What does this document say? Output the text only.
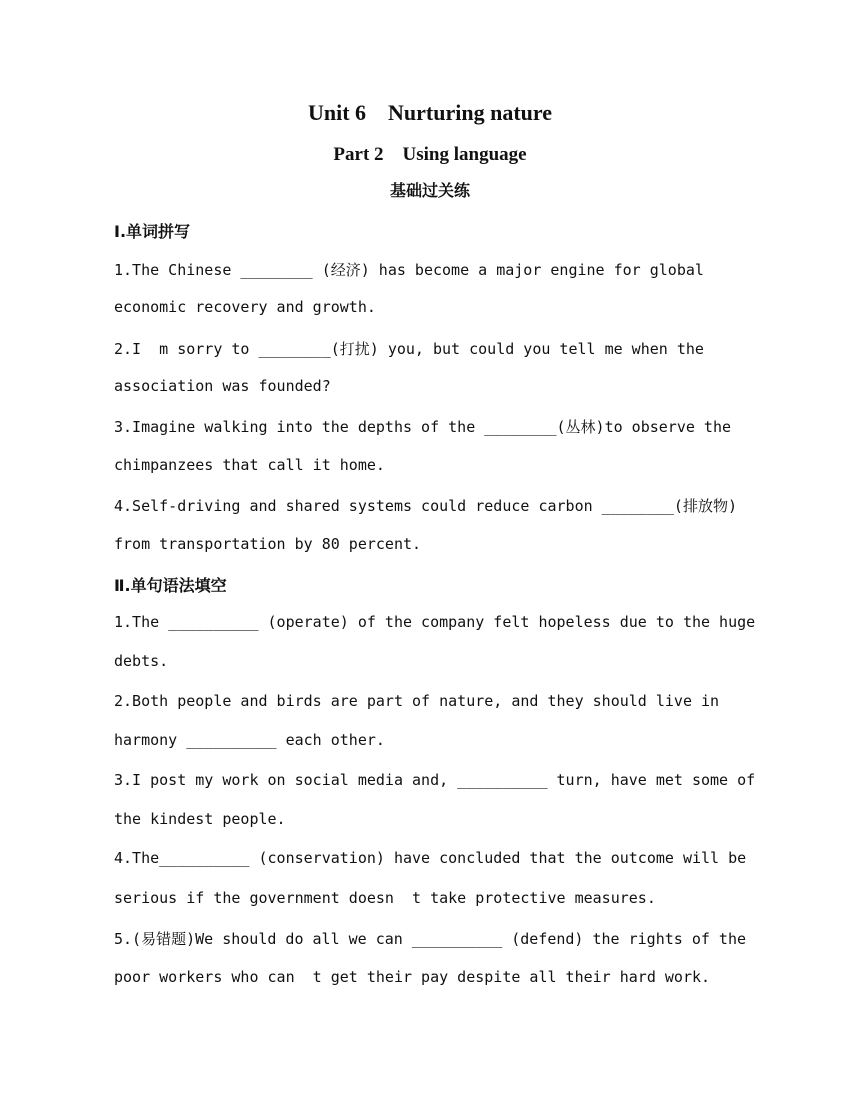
Unit 6　Nurturing nature
Part 2　Using language
基础过关练
Ⅰ.单词拼写
1.The Chinese ________ (经济) has become a major engine for global
economic recovery and growth.
2.I  m sorry to ________(打扰) you, but could you tell me when the
association was founded?
3.Imagine walking into the depths of the ________(丛林)to observe the
chimpanzees that call it home.
4.Self-driving and shared systems could reduce carbon ________(排放物)
from transportation by 80 percent.
Ⅱ.单句语法填空
1.The __________ (operate) of the company felt hopeless due to the huge
debts.
2.Both people and birds are part of nature, and they should live in
harmony __________ each other.
3.I post my work on social media and, __________ turn, have met some of
the kindest people.
4.The__________ (conservation) have concluded that the outcome will be
serious if the government doesn  t take protective measures.
5.(易错题)We should do all we can __________ (defend) the rights of the
poor workers who can  t get their pay despite all their hard work.
